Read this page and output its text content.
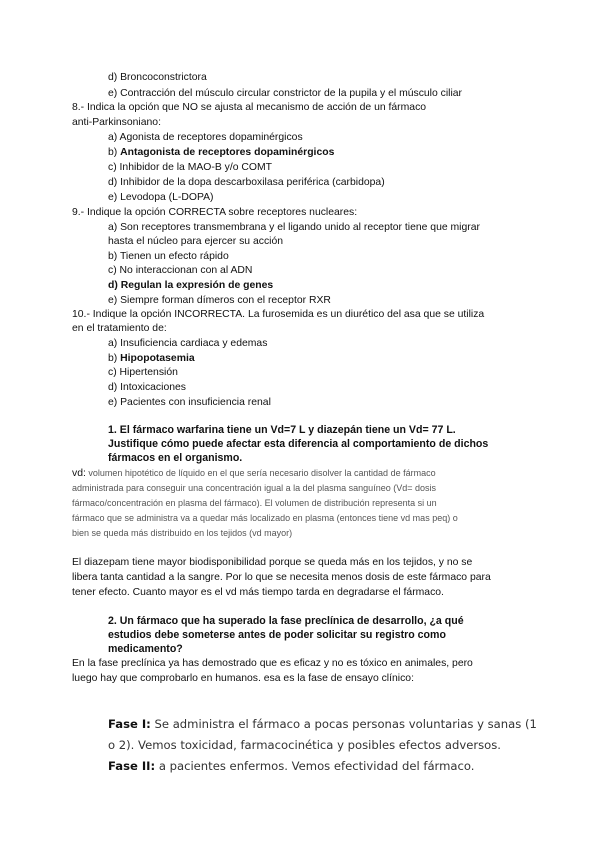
d) Broncoconstrictora
e) Contracción del músculo circular constrictor de la pupila y el músculo ciliar
8.- Indica la opción que NO se ajusta al mecanismo de acción de un fármaco
anti-Parkinsoniano:
a) Agonista de receptores dopaminérgicos
b) Antagonista de receptores dopaminérgicos
c) Inhibidor de la MAO-B y/o COMT
d) Inhibidor de la dopa descarboxilasa periférica (carbidopa)
e) Levodopa (L-DOPA)
9.- Indique la opción CORRECTA sobre receptores nucleares:
a) Son receptores transmembrana y el ligando unido al receptor tiene que migrar
hasta el núcleo para ejercer su acción
b) Tienen un efecto rápido
c) No interaccionan con al ADN
d) Regulan la expresión de genes
e) Siempre forman dímeros con el receptor RXR
10.- Indique la opción INCORRECTA. La furosemida es un diurético del asa que se utiliza
en el tratamiento de:
a) Insuficiencia cardiaca y edemas
b) Hipopotasemia
c) Hipertensión
d) Intoxicaciones
e) Pacientes con insuficiencia renal
1. El fármaco warfarina tiene un Vd=7 L y diazepán tiene un Vd= 77 L.
Justifique cómo puede afectar esta diferencia al comportamiento de dichos
fármacos en el organismo.
vd: volumen hipotético de líquido en el que sería necesario disolver la cantidad de fármaco
administrada para conseguir una concentración igual a la del plasma sanguíneo (Vd= dosis
fármaco/concentración en plasma del fármaco). El volumen de distribución representa si un
fármaco que se administra va a quedar más localizado en plasma (entonces tiene vd mas peq) o
bien se queda más distribuido en los tejidos (vd mayor)
El diazepam tiene mayor biodisponibilidad porque se queda más en los tejidos, y no se
libera tanta cantidad a la sangre. Por lo que se necesita menos dosis de este fármaco para
tener efecto. Cuanto mayor es el vd más tiempo tarda en degradarse el fármaco.
2. Un fármaco que ha superado la fase preclínica de desarrollo, ¿a qué
estudios debe someterse antes de poder solicitar su registro como
medicamento?
En la fase preclínica ya has demostrado que es eficaz y no es tóxico en animales, pero
luego hay que comprobarlo en humanos. esa es la fase de ensayo clínico:
Fase I: Se administra el fármaco a pocas personas voluntarias y sanas (1
o 2). Vemos toxicidad, farmacocinética y posibles efectos adversos.
Fase II: a pacientes enfermos. Vemos efectividad del fármaco.
